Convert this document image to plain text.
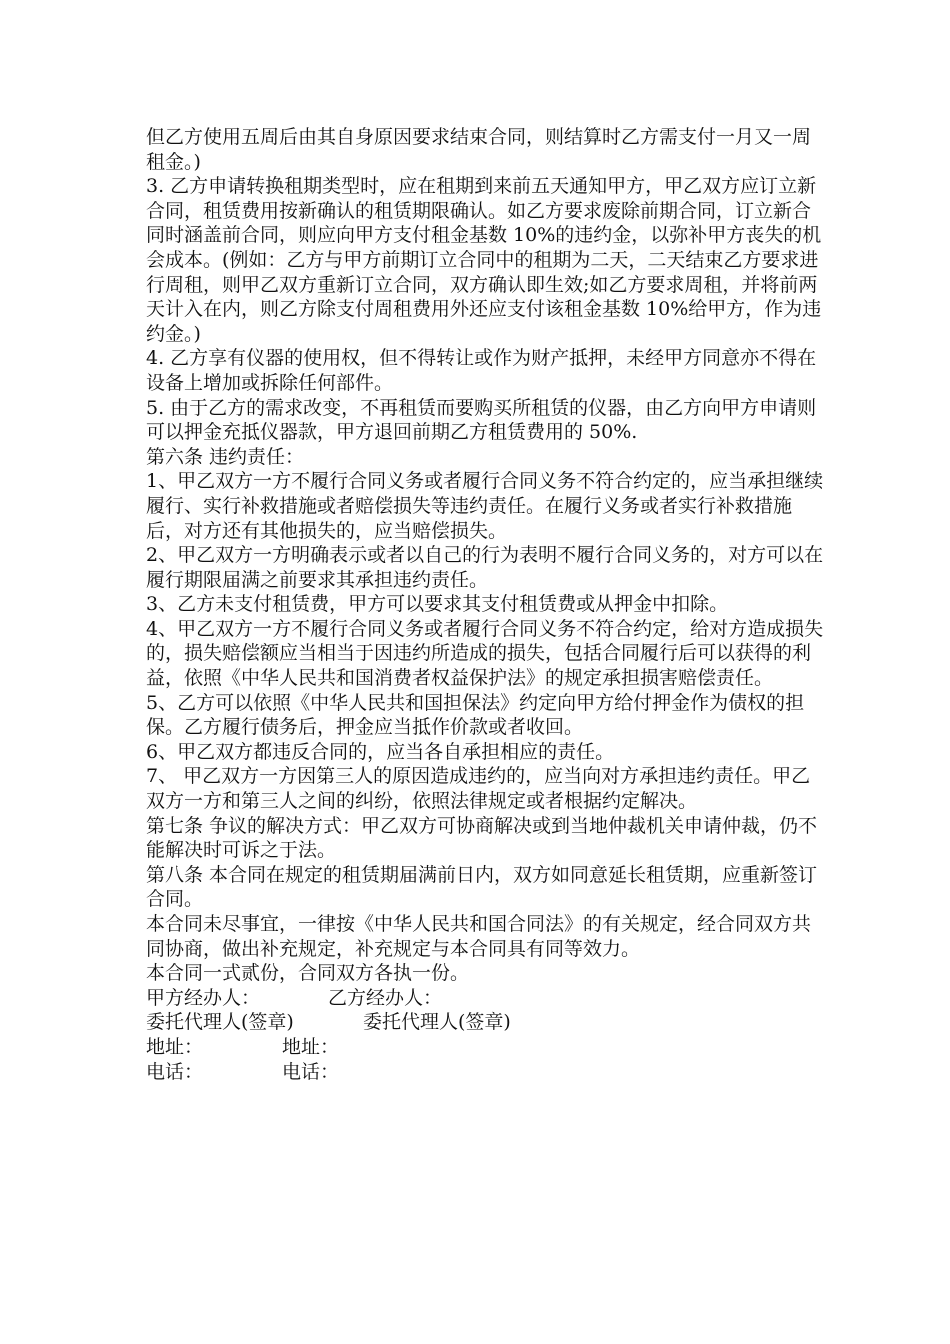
但乙方使用五周后由其自身原因要求结束合同，则结算时乙方需支付一月又一周租金。)

3. 乙方申请转换租期类型时，应在租期到来前五天通知甲方，甲乙双方应订立新合同，租赁费用按新确认的租赁期限确认。如乙方要求废除前期合同，订立新合同时涵盖前合同，则应向甲方支付租金基数 10%的违约金，以弥补甲方丧失的机会成本。(例如：乙方与甲方前期订立合同中的租期为二天，二天结束乙方要求进行周租，则甲乙双方重新订立合同，双方确认即生效;如乙方要求周租，并将前两天计入在内，则乙方除支付周租费用外还应支付该租金基数 10%给甲方，作为违约金。)

4. 乙方享有仪器的使用权，但不得转让或作为财产抵押，未经甲方同意亦不得在设备上增加或拆除任何部件。

5. 由于乙方的需求改变，不再租赁而要购买所租赁的仪器，由乙方向甲方申请则可以押金充抵仪器款，甲方退回前期乙方租赁费用的 50%.

第六条 违约责任：

1、甲乙双方一方不履行合同义务或者履行合同义务不符合约定的，应当承担继续履行、实行补救措施或者赔偿损失等违约责任。在履行义务或者实行补救措施后，对方还有其他损失的，应当赔偿损失。

2、甲乙双方一方明确表示或者以自己的行为表明不履行合同义务的，对方可以在履行期限届满之前要求其承担违约责任。

3、乙方未支付租赁费，甲方可以要求其支付租赁费或从押金中扣除。

4、甲乙双方一方不履行合同义务或者履行合同义务不符合约定，给对方造成损失的，损失赔偿额应当相当于因违约所造成的损失，包括合同履行后可以获得的利益，依照《中华人民共和国消费者权益保护法》的规定承担损害赔偿责任。

5、乙方可以依照《中华人民共和国担保法》约定向甲方给付押金作为债权的担保。乙方履行债务后，押金应当抵作价款或者收回。

6、甲乙双方都违反合同的，应当各自承担相应的责任。

7、 甲乙双方一方因第三人的原因造成违约的，应当向对方承担违约责任。甲乙双方一方和第三人之间的纠纷，依照法律规定或者根据约定解决。

第七条 争议的解决方式：甲乙双方可协商解决或到当地仲裁机关申请仲裁，仍不能解决时可诉之于法。

第八条 本合同在规定的租赁期届满前日内，双方如同意延长租赁期，应重新签订合同。

本合同未尽事宜，一律按《中华人民共和国合同法》的有关规定，经合同双方共同协商，做出补充规定，补充规定与本合同具有同等效力。

本合同一式贰份，合同双方各执一份。

甲方经办人：	乙方经办人：
委托代理人(签章)	委托代理人(签章)
地址：	地址：
电话：	电话：
